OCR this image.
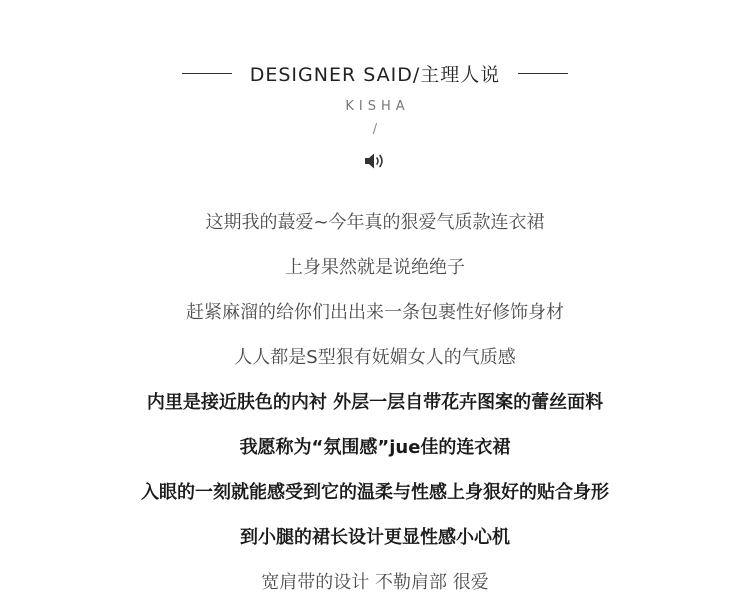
DESIGNER SAID/主理人说
KISHA
/
这期我的蕞爱~今年真的狠爱气质款连衣裙
上身果然就是说绝绝子
赶紧麻溜的给你们出出来一条包裹性好修饰身材
人人都是S型狠有妩媚女人的气质感
内里是接近肤色的内衬 外层一层自带花卉图案的蕾丝面料
我愿称为“氛围感”jue佳的连衣裙
入眼的一刻就能感受到它的温柔与性感上身狠好的贴合身形
到小腿的裙长设计更显性感小心机
宽肩带的设计 不勒肩部 很爱
